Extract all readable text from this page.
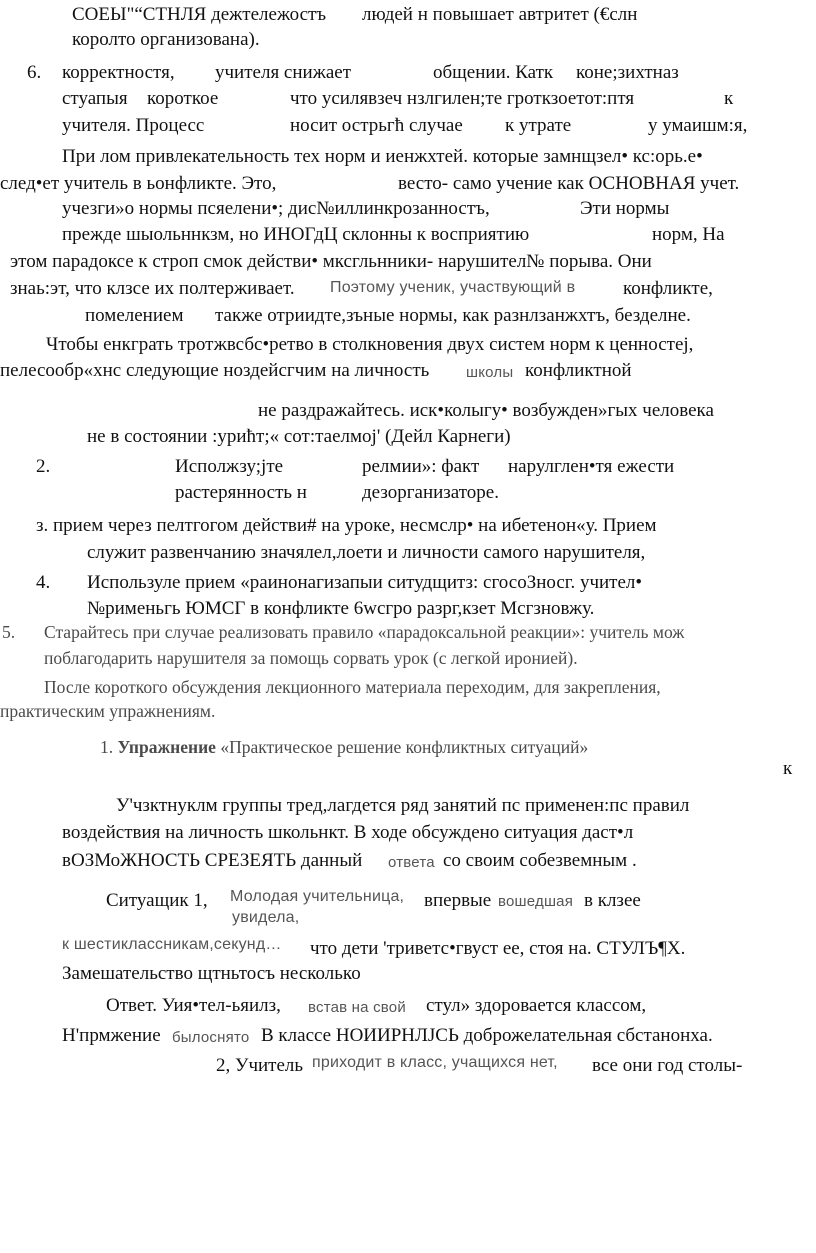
СОЕЫ"“СТНЛЯ дежтележостъ людей н повышает автритет (€слн
королто организована).
6. корректностя, учителя снижает	общении. Катк коне;зихтназ
стуапыя короткое	что усилявзеч нзлгилен;те гроткзоетот:птя	к
учителя. Процесс	носит острьгћ случае к утрате	у умаишм:я,
При лом привлекательность тех норм и иенжхтей. которые замнщзел• кс:орь.е•
след•ет учитель в ьонфликте. Это,	весто- само учение как ОСНОВНАЯ учет.
учезги»о нормы псяелени•; дис№иллинкрозанностъ,	Эти нормы
прежде шыольннкзм, но ИНОГдЦ склонны к восприятию	норм, На
этом парадоксе к строп смок действи• мксгльнники- нарушител№ порыва. Они
знаь:эт, что клзсе их полтерживает. Поэтому ученик, участвующий в	конфликте,
помелением также отриидте,зъные нормы, как разнлзанжхтъ, безделне.
Чтобы енкграть тротжвсбс•ретво в столкновения двух систем норм к ценностеј,
пелесообр«хнс следующие ноздейсгчим на личность школы конфликтной
не раздражайтесь. иск•колыгу• возбужден»гых человека
не в состоянии :уриħт;« сот:таелмој' (Дейл Карнеги)
2.	Исполжзу;јте	релмии»: факт нарулглен•тя ежести
растерянность н	дезорганизаторе.
з. прием через пелтгогом действи# на уроке, несмслр• на ибетенон«у. Прием
служит развенчанию значялел,лоети и личности самого нарушителя,
4. Используле прием «раинонагизапыи ситудщитз: сгосоЗносг. учител•
№рименьгь ЮМСГ в конфликте 6wcгро разрг,кзет Мсгзновжу.
5. Старайтесь при случае реализовать правило «парадоксальной реакции»: учитель мож
поблагодарить нарушителя за помощь сорвать урок (с легкой иронией).
После короткого обсуждения лекционного материала переходим, для закрепления,
практическим упражнениям.
1. Упражнение «Практическое решение конфликтных ситуаций»
к
У'чзктнуклм группы тред,лагдется ряд занятий пс применен:пс правил
воздействия на личность школьнкт. В ходе обсуждено ситуация даст•л
вОЗМоЖНОСТЬ СРЕЗЕЯТЬ данный ответа со своим собезвемным .
Ситуащик 1, Молодая учительница, впервые вошедшая в клзее
увидела,
к шестиклассникам,секунд… что дети 'триветс•гвуст ее, стоя на. СТУЛЪ¶Х.
Замешательство щтньтосъ несколько
Ответ. Уия•тел-ьяилз, встав на свой стул» здоровается классом,
Н'прмжение былоснято В классе НОИИРНЛЈСЬ доброжелательная сбстанонха.
2, Учитель приходит в класс, учащихся нет, все они год столы-
